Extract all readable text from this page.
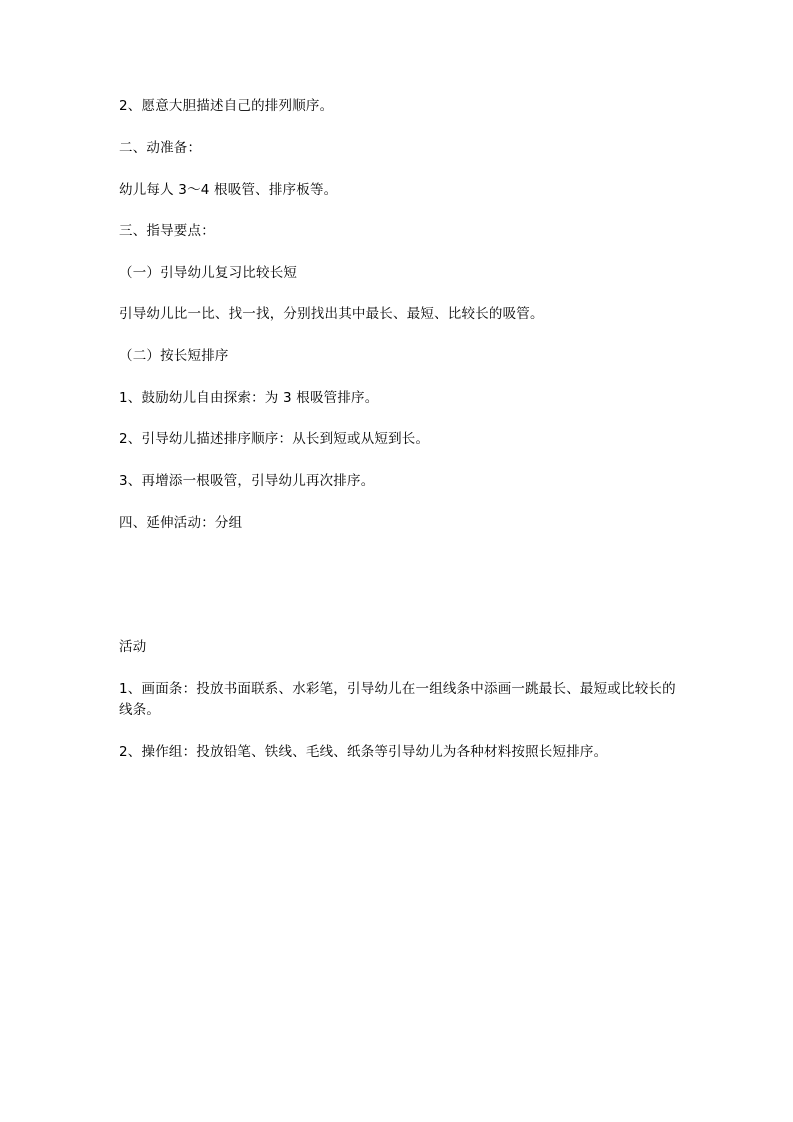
2、愿意大胆描述自己的排列顺序。

二、动准备：

幼儿每人 3～4 根吸管、排序板等。

三、指导要点：

（一）引导幼儿复习比较长短

引导幼儿比一比、找一找，分别找出其中最长、最短、比较长的吸管。

（二）按长短排序

1、鼓励幼儿自由探索：为 3 根吸管排序。

2、引导幼儿描述排序顺序：从长到短或从短到长。

3、再增添一根吸管，引导幼儿再次排序。

四、延伸活动：分组

活动

1、画面条：投放书面联系、水彩笔，引导幼儿在一组线条中添画一跳最长、最短或比较长的线条。

2、操作组：投放铅笔、铁线、毛线、纸条等引导幼儿为各种材料按照长短排序。
